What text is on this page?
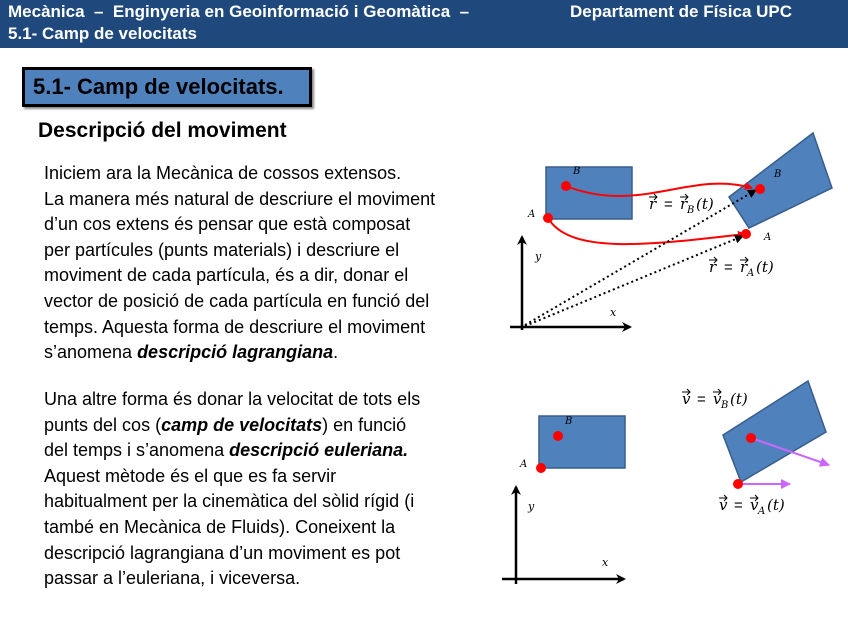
Mecànica  –  Enginyeria en Geoinformació i Geomàtica  –	Departament de Física UPC
5.1- Camp de velocitats
5.1- Camp de velocitats.
Descripció del moviment
Iniciem ara la Mecànica de cossos extensos.
La manera més natural de descriure el moviment
d’un cos extens és pensar que està composat
per partícules (punts materials) i descriure el
moviment de cada partícula, és a dir, donar el
vector de posició de cada partícula en funció del
temps. Aquesta forma de descriure el moviment
s’anomena descripció lagrangiana.
Una altre forma és donar la velocitat de tots els
punts del cos (camp de velocitats) en funció
del temps i s’anomena descripció euleriana.
Aquest mètode és el que es fa servir
habitualment per la cinemàtica del sòlid rígid (i
també en Mecànica de Fluids). Coneixent la
descripció lagrangiana d’un moviment es pot
passar a l’euleriana, i viceversa.
y
x
B
A
B
A
r = r B (t)
r = r A (t)
y
x
B
A
v = v B (t)
v = v A (t)
